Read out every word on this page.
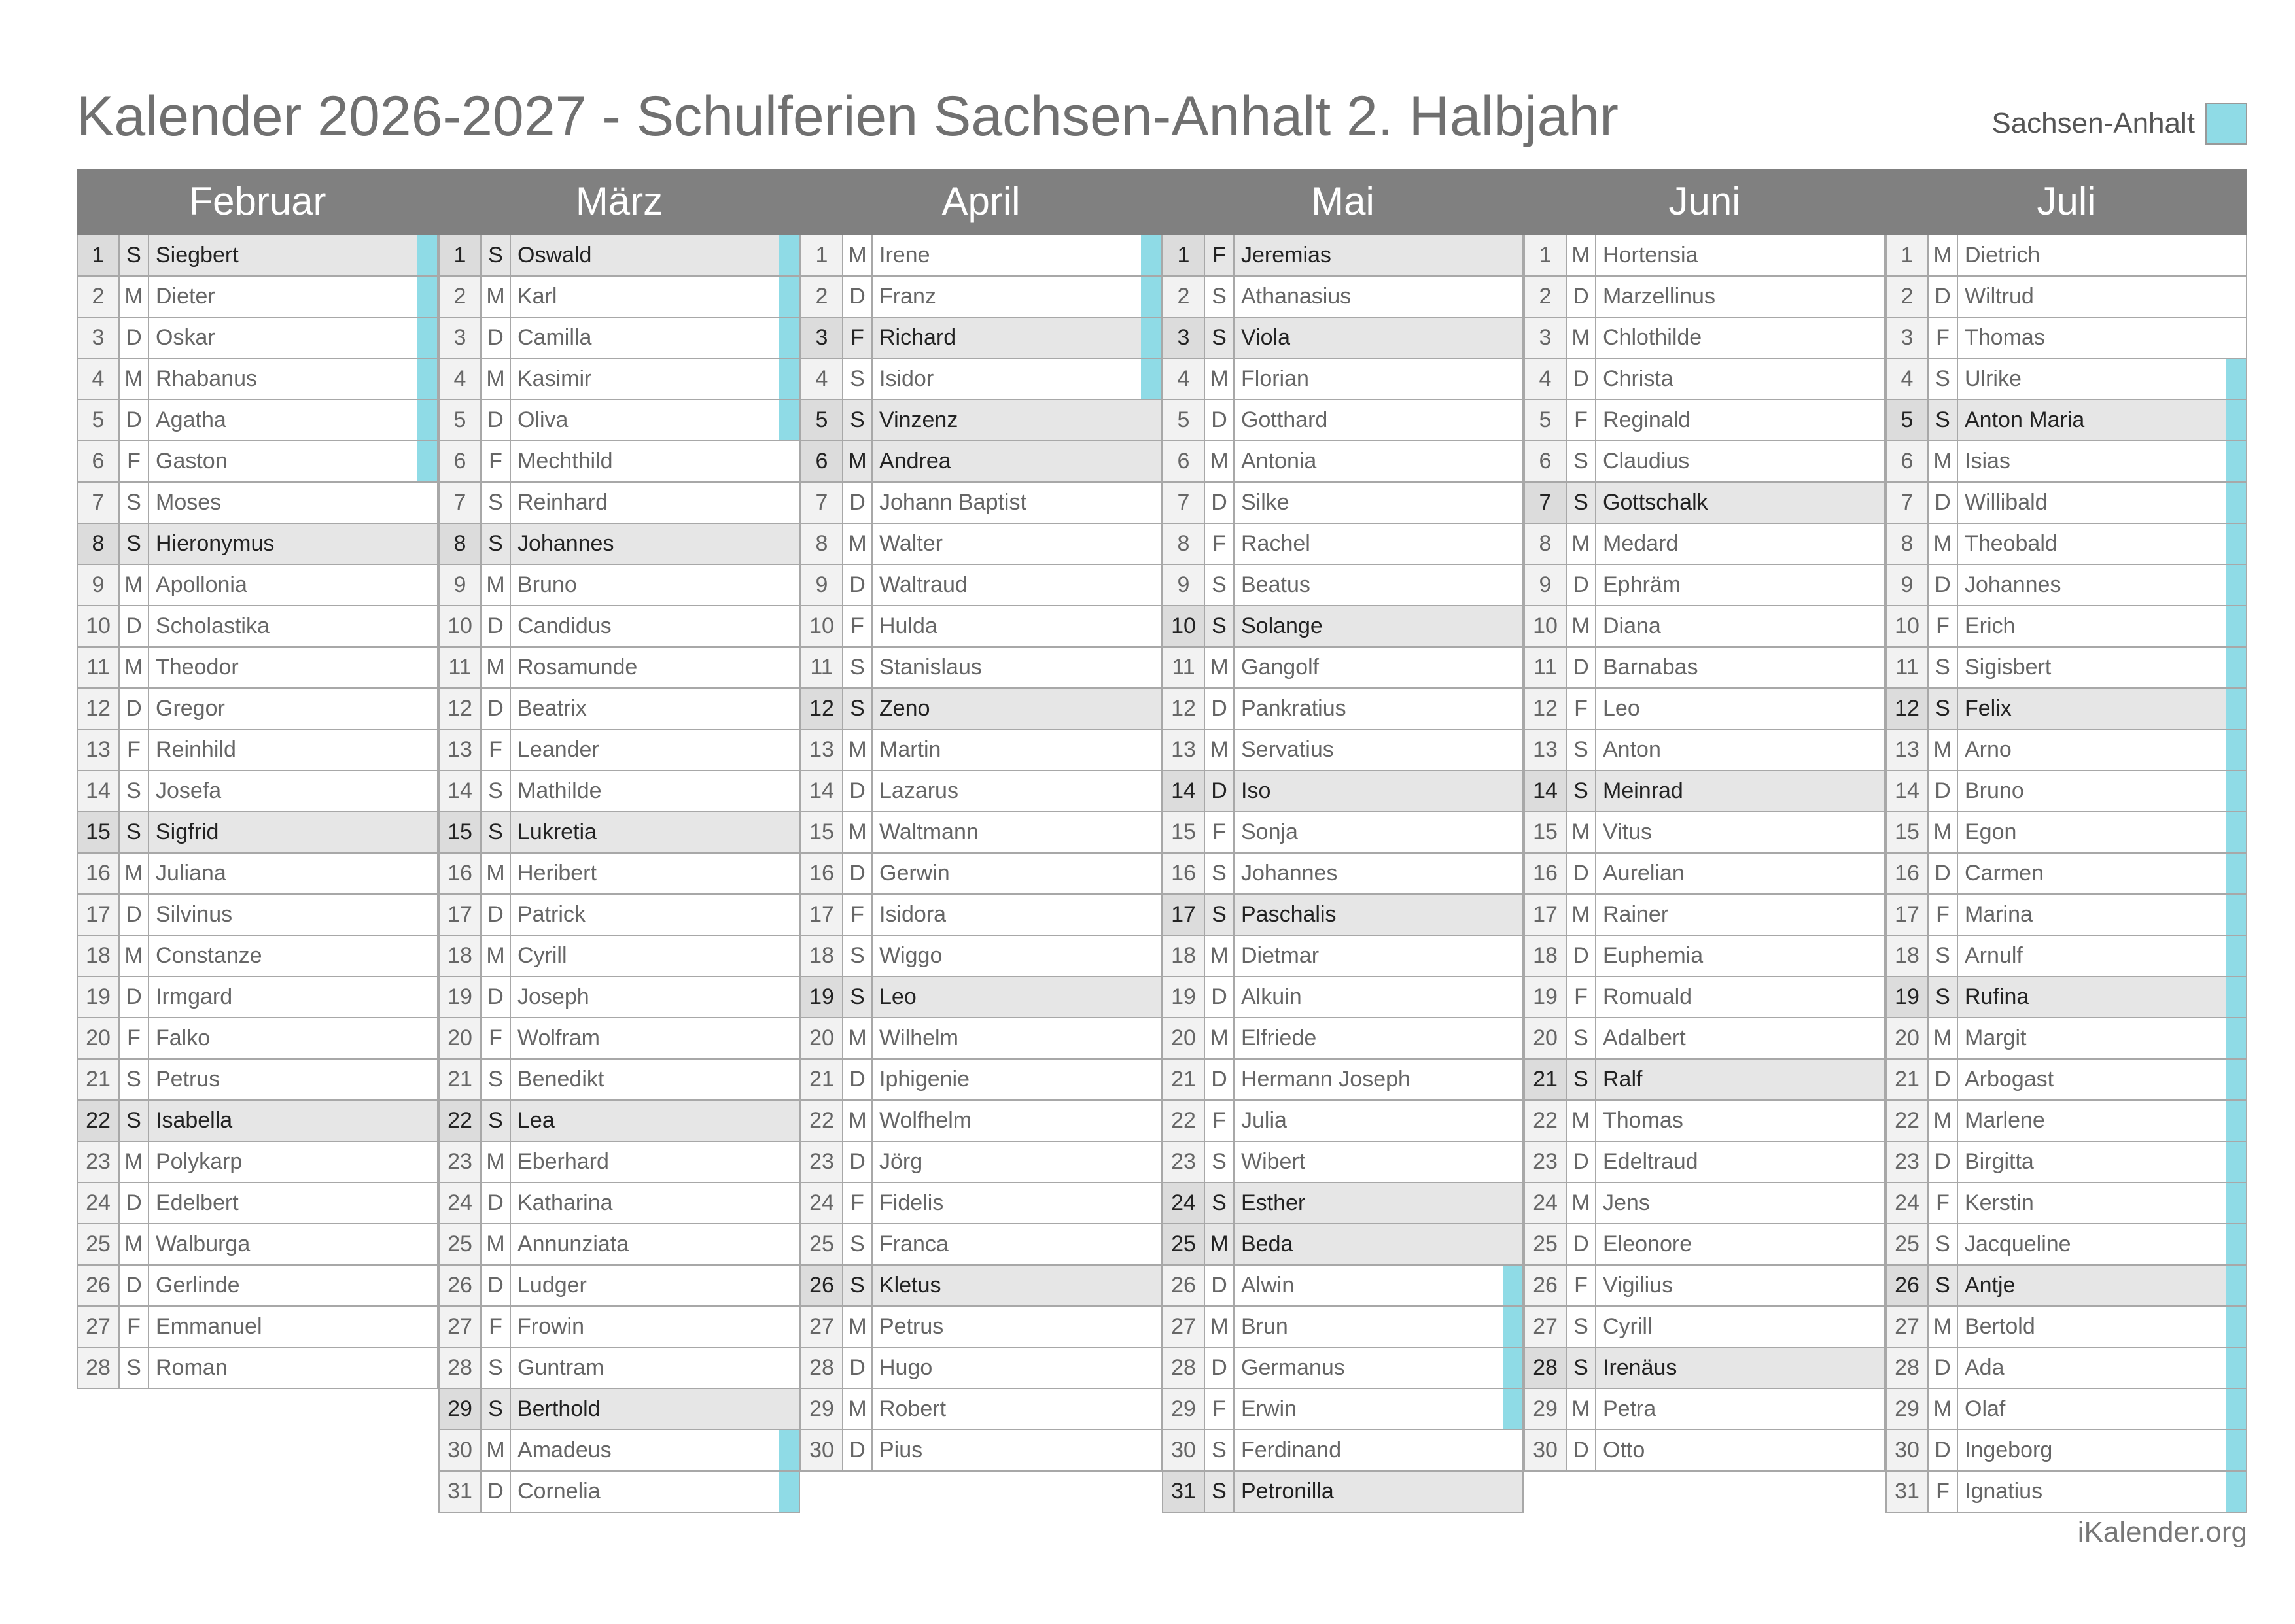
Kalender 2026-2027 - Schulferien Sachsen-Anhalt 2. Halbjahr	Sachsen-Anhalt
Februar
1 S Siegbert
2 M Dieter
3 D Oskar
4 M Rhabanus
5 D Agatha
6	F Gaston
7 S Moses
8 S Hieronymus
9 M Apollonia
10 D Scholastika
11 M Theodor
12 D Gregor
13 F Reinhild
14 S Josefa
15 S Sigfrid
16 M Juliana
17 D Silvinus
18 M Constanze
19 D Irmgard
20 F Falko
21 S Petrus
22 S Isabella
23 M Polykarp
24 D Edelbert
25 M Walburga
26 D Gerlinde
27 F Emmanuel
28 S Roman
März
1 S Oswald
2 M Karl
3 D Camilla
4 M Kasimir
5 D Oliva
6	F Mechthild
7 S Reinhard
8 S Johannes
9 M Bruno
10 D Candidus
11 M Rosamunde
12 D Beatrix
13 F Leander
14 S Mathilde
15 S Lukretia
16 M Heribert
17 D Patrick
18 M Cyrill
19 D Joseph
20 F Wolfram
21 S Benedikt
22 S Lea
23 M Eberhard
24 D Katharina
25 M Annunziata
26 D Ludger
27 F Frowin
28 S Guntram
29 S Berthold
30 M Amadeus
31 D Cornelia
April
1 M Irene
2 D Franz
3	F Richard
4 S Isidor
5 S Vinzenz
6 M Andrea
7 D Johann Baptist
8 M Walter
9 D Waltraud
10 F Hulda
11 S Stanislaus
12 S Zeno
13 M Martin
14 D Lazarus
15 M Waltmann
16 D Gerwin
17 F Isidora
18 S Wiggo
19 S Leo
20 M Wilhelm
21 D Iphigenie
22 M Wolfhelm
23 D Jörg
24 F Fidelis
25 S Franca
26 S Kletus
27 M Petrus
28 D Hugo
29 M Robert
30 D Pius
Mai
1	F Jeremias
2 S Athanasius
3 S Viola
4 M Florian
5 D Gotthard
6 M Antonia
7 D Silke
8	F Rachel
9 S Beatus
10 S Solange
11 M Gangolf
12 D Pankratius
13 M Servatius
14 D Iso
15 F Sonja
16 S Johannes
17 S Paschalis
18 M Dietmar
19 D Alkuin
20 M Elfriede
21 D Hermann Joseph
22 F Julia
23 S Wibert
24 S Esther
25 M Beda
26 D Alwin
27 M Brun
28 D Germanus
29 F Erwin
30 S Ferdinand
31 S Petronilla
Juni
1 M Hortensia
2 D Marzellinus
3 M Chlothilde
4 D Christa
5	F Reginald
6 S Claudius
7 S Gottschalk
8 M Medard
9 D Ephräm
10 M Diana
11 D Barnabas
12 F Leo
13 S Anton
14 S Meinrad
15 M Vitus
16 D Aurelian
17 M Rainer
18 D Euphemia
19 F Romuald
20 S Adalbert
21 S Ralf
22 M Thomas
23 D Edeltraud
24 M Jens
25 D Eleonore
26 F Vigilius
27 S Cyrill
28 S Irenäus
29 M Petra
30 D Otto
Juli
1 M Dietrich
2 D Wiltrud
3	F Thomas
4 S Ulrike
5 S Anton Maria
6 M Isias
7 D Willibald
8 M Theobald
9 D Johannes
10 F Erich
11 S Sigisbert
12 S Felix
13 M Arno
14 D Bruno
15 M Egon
16 D Carmen
17 F Marina
18 S Arnulf
19 S Rufina
20 M Margit
21 D Arbogast
22 M Marlene
23 D Birgitta
24 F Kerstin
25 S Jacqueline
26 S Antje
27 M Bertold
28 D Ada
29 M Olaf
30 D Ingeborg
31 F Ignatius
iKalender.org
